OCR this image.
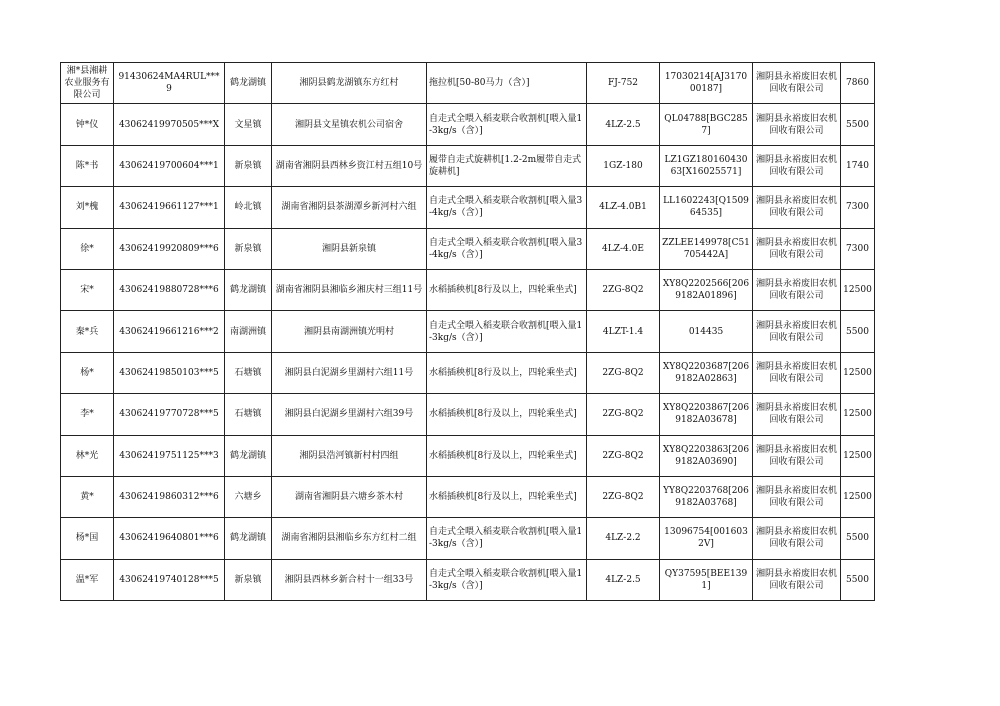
湘*县湘耕农业服务有限公司	91430624MA4RUL***9	鹤龙湖镇	湘阴县鹤龙湖镇东方红村	拖拉机[50-80马力（含）]	FJ-752	17030214[AJ317000187]	湘阴县永裕废旧农机回收有限公司	7860
钟*仪	43062419970505***X	文星镇	湘阴县文星镇农机公司宿舍	自走式全喂入稻麦联合收割机[喂入量1-3kg/s（含）]	4LZ-2.5	QL04788[BGC2857]	湘阴县永裕废旧农机回收有限公司	5500
陈*书	43062419700604***1	新泉镇	湖南省湘阴县西林乡资江村五组10号	履带自走式旋耕机[1.2-2m履带自走式旋耕机]	1GZ-180	LZ1GZ18016043063[X16025571]	湘阴县永裕废旧农机回收有限公司	1740
刘*槐	43062419661127***1	岭北镇	湖南省湘阴县茶湖潭乡新河村六组	自走式全喂入稻麦联合收割机[喂入量3-4kg/s（含）]	4LZ-4.0B1	LL1602243[Q150964535]	湘阴县永裕废旧农机回收有限公司	7300
徐*	43062419920809***6	新泉镇	湘阴县新泉镇	自走式全喂入稻麦联合收割机[喂入量3-4kg/s（含）]	4LZ-4.0E	ZZLEE149978[C51705442A]	湘阴县永裕废旧农机回收有限公司	7300
宋*	43062419880728***6	鹤龙湖镇	湖南省湘阴县湘临乡湘庆村三组11号	水稻插秧机[8行及以上，四轮乘坐式]	2ZG-8Q2	XY8Q2202566[2069182A01896]	湘阴县永裕废旧农机回收有限公司	12500
秦*兵	43062419661216***2	南湖洲镇	湘阴县南湖洲镇光明村	自走式全喂入稻麦联合收割机[喂入量1-3kg/s（含）]	4LZT-1.4	014435	湘阴县永裕废旧农机回收有限公司	5500
杨*	43062419850103***5	石塘镇	湘阴县白泥湖乡里湖村六组11号	水稻插秧机[8行及以上，四轮乘坐式]	2ZG-8Q2	XY8Q2203687[2069182A02863]	湘阴县永裕废旧农机回收有限公司	12500
李*	43062419770728***5	石塘镇	湘阴县白泥湖乡里湖村六组39号	水稻插秧机[8行及以上，四轮乘坐式]	2ZG-8Q2	XY8Q2203867[2069182A03678]	湘阴县永裕废旧农机回收有限公司	12500
林*光	43062419751125***3	鹤龙湖镇	湘阴县浩河镇新村村四组	水稻插秧机[8行及以上，四轮乘坐式]	2ZG-8Q2	XY8Q2203863[2069182A03690]	湘阴县永裕废旧农机回收有限公司	12500
黄*	43062419860312***6	六塘乡	湖南省湘阴县六塘乡茶木村	水稻插秧机[8行及以上，四轮乘坐式]	2ZG-8Q2	YY8Q2203768[2069182A03768]	湘阴县永裕废旧农机回收有限公司	12500
杨*国	43062419640801***6	鹤龙湖镇	湖南省湘阴县湘临乡东方红村二组	自走式全喂入稻麦联合收割机[喂入量1-3kg/s（含）]	4LZ-2.2	13096754[0016032V]	湘阴县永裕废旧农机回收有限公司	5500
温*军	43062419740128***5	新泉镇	湘阴县西林乡新合村十一组33号	自走式全喂入稻麦联合收割机[喂入量1-3kg/s（含）]	4LZ-2.5	QY37595[BEE1391]	湘阴县永裕废旧农机回收有限公司	5500
